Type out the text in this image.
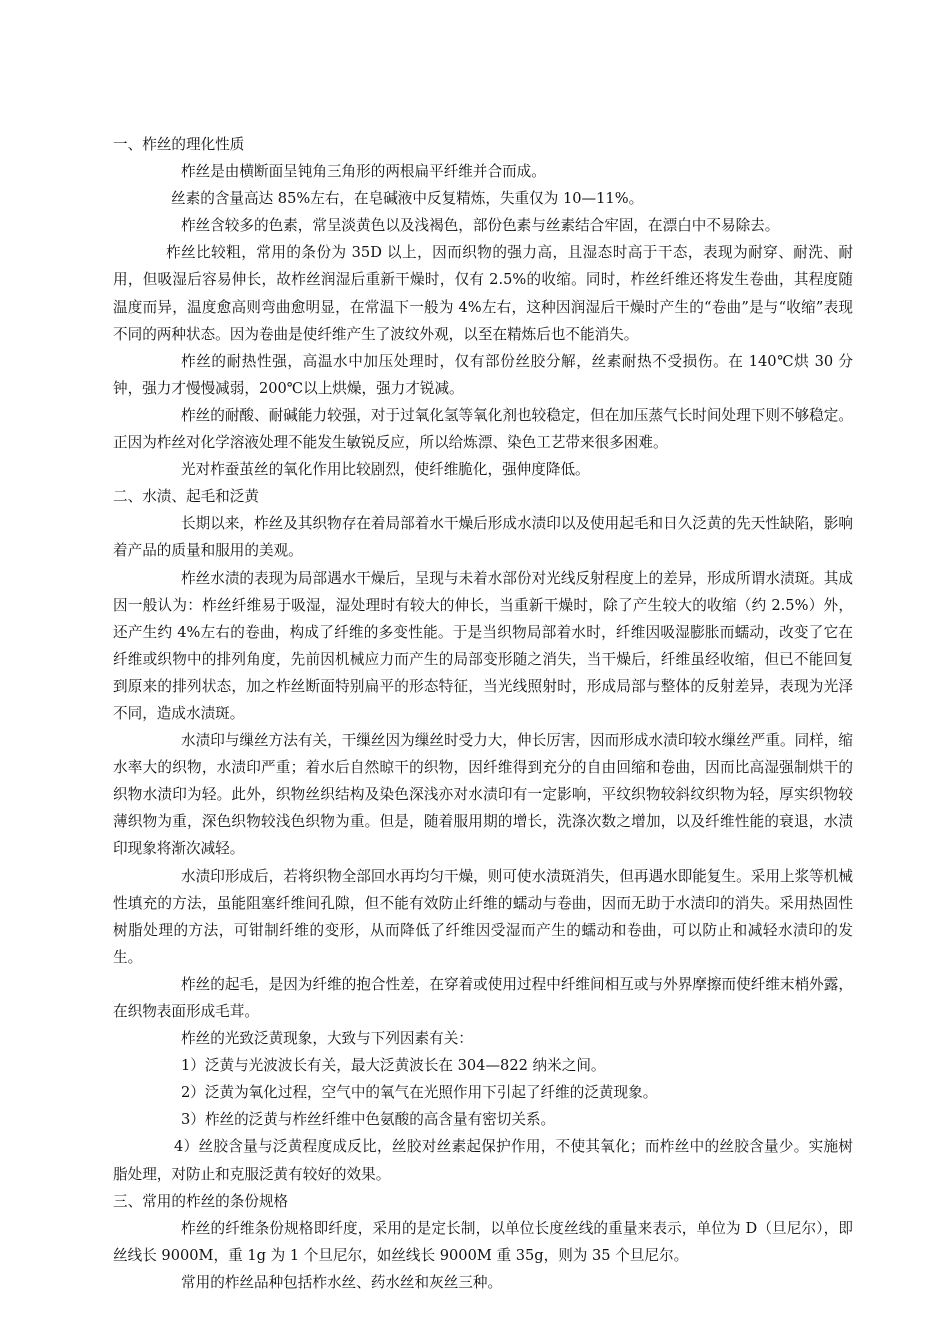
一、柞丝的理化性质

柞丝是由横断面呈钝角三角形的两根扁平纤维并合而成。

丝素的含量高达 85%左右，在皂碱液中反复精炼，失重仅为 10—11%。

柞丝含较多的色素，常呈淡黄色以及浅褐色，部份色素与丝素结合牢固，在漂白中不易除去。

柞丝比较粗，常用的条份为 35D 以上，因而织物的强力高，且湿态时高于干态，表现为耐穿、耐洗、耐用，但吸湿后容易伸长，故柞丝润湿后重新干燥时，仅有 2.5%的收缩。同时，柞丝纤维还将发生卷曲，其程度随温度而异，温度愈高则弯曲愈明显，在常温下一般为 4%左右，这种因润湿后干燥时产生的“卷曲”是与“收缩”表现不同的两种状态。因为卷曲是使纤维产生了波纹外观，以至在精炼后也不能消失。

柞丝的耐热性强，高温水中加压处理时，仅有部份丝胶分解，丝素耐热不受损伤。在 140℃烘 30 分钟，强力才慢慢减弱，200℃以上烘燥，强力才锐减。

柞丝的耐酸、耐碱能力较强，对于过氧化氢等氧化剂也较稳定，但在加压蒸气长时间处理下则不够稳定。正因为柞丝对化学溶液处理不能发生敏锐反应，所以给炼漂、染色工艺带来很多困难。

光对柞蚕茧丝的氧化作用比较剧烈，使纤维脆化，强伸度降低。

二、水渍、起毛和泛黄

长期以来，柞丝及其织物存在着局部着水干燥后形成水渍印以及使用起毛和日久泛黄的先天性缺陷，影响着产品的质量和服用的美观。

柞丝水渍的表现为局部遇水干燥后，呈现与未着水部份对光线反射程度上的差异，形成所谓水渍斑。其成因一般认为：柞丝纤维易于吸湿，湿处理时有较大的伸长，当重新干燥时，除了产生较大的收缩（约 2.5%）外，还产生约 4%左右的卷曲，构成了纤维的多变性能。于是当织物局部着水时，纤维因吸湿膨胀而蠕动，改变了它在纤维或织物中的排列角度，先前因机械应力而产生的局部变形随之消失，当干燥后，纤维虽经收缩，但已不能回复到原来的排列状态，加之柞丝断面特别扁平的形态特征，当光线照射时，形成局部与整体的反射差异，表现为光泽不同，造成水渍斑。

水渍印与缫丝方法有关，干缫丝因为缫丝时受力大，伸长厉害，因而形成水渍印较水缫丝严重。同样，缩水率大的织物，水渍印严重；着水后自然晾干的织物，因纤维得到充分的自由回缩和卷曲，因而比高湿强制烘干的织物水渍印为轻。此外，织物丝织结构及染色深浅亦对水渍印有一定影响，平纹织物较斜纹织物为轻，厚实织物较薄织物为重，深色织物较浅色织物为重。但是，随着服用期的增长，洗涤次数之增加，以及纤维性能的衰退，水渍印现象将渐次减轻。

水渍印形成后，若将织物全部回水再均匀干燥，则可使水渍斑消失，但再遇水即能复生。采用上浆等机械性填充的方法，虽能阻塞纤维间孔隙，但不能有效防止纤维的蠕动与卷曲，因而无助于水渍印的消失。采用热固性树脂处理的方法，可钳制纤维的变形，从而降低了纤维因受湿而产生的蠕动和卷曲，可以防止和减轻水渍印的发生。

柞丝的起毛，是因为纤维的抱合性差，在穿着或使用过程中纤维间相互或与外界摩擦而使纤维末梢外露，在织物表面形成毛茸。

柞丝的光致泛黄现象，大致与下列因素有关：

1）泛黄与光波波长有关，最大泛黄波长在 304—822 纳米之间。

2）泛黄为氧化过程，空气中的氧气在光照作用下引起了纤维的泛黄现象。

3）柞丝的泛黄与柞丝纤维中色氨酸的高含量有密切关系。

4）丝胶含量与泛黄程度成反比，丝胶对丝素起保护作用，不使其氧化；而柞丝中的丝胶含量少。实施树脂处理，对防止和克服泛黄有较好的效果。

三、常用的柞丝的条份规格

柞丝的纤维条份规格即纤度，采用的是定长制，以单位长度丝线的重量来表示，单位为 D（旦尼尔），即丝线长 9000M，重 1g 为 1 个旦尼尔，如丝线长 9000M 重 35g，则为 35 个旦尼尔。

常用的柞丝品种包括柞水丝、药水丝和灰丝三种。
